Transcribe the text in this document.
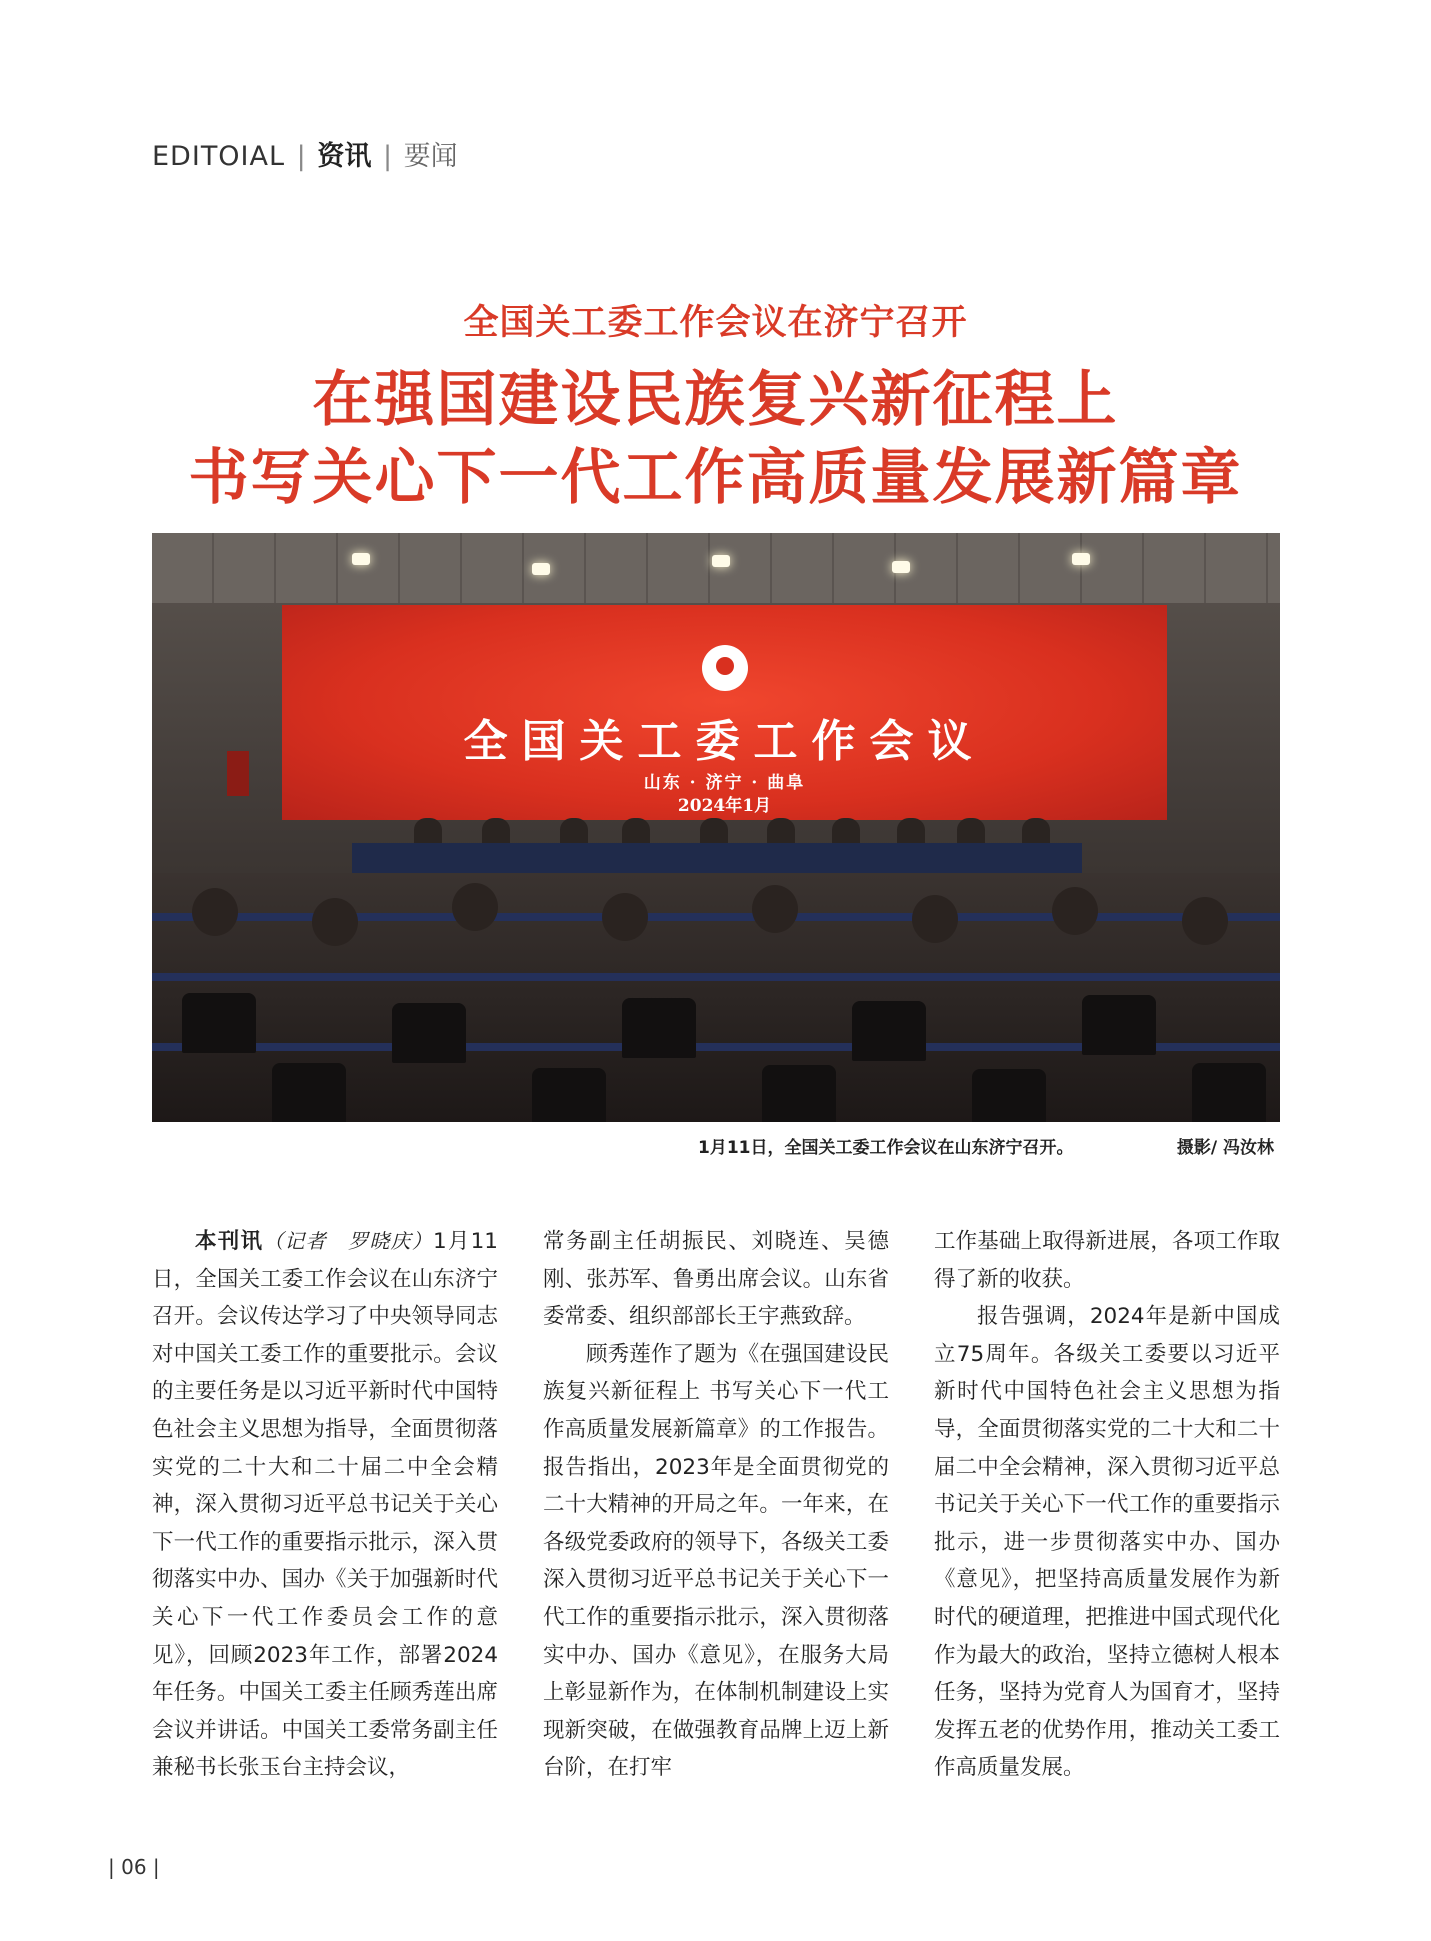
EDITOIAL | 资讯 | 要闻
全国关工委工作会议在济宁召开
在强国建设民族复兴新征程上
书写关心下一代工作高质量发展新篇章
全国关工委工作会议
山东 · 济宁 · 曲阜
2024年1月
1月11日，全国关工委工作会议在山东济宁召开。	摄影/ 冯汝林

本刊讯（记者　罗晓庆）1月11日，全国关工委工作会议在山东济宁召开。会议传达学习了中央领导同志对中国关工委工作的重要批示。会议的主要任务是以习近平新时代中国特色社会主义思想为指导，全面贯彻落实党的二十大和二十届二中全会精神，深入贯彻习近平总书记关于关心下一代工作的重要指示批示，深入贯彻落实中办、国办《关于加强新时代关心下一代工作委员会工作的意见》，回顾2023年工作，部署2024年任务。中国关工委主任顾秀莲出席会议并讲话。中国关工委常务副主任兼秘书长张玉台主持会议，

常务副主任胡振民、刘晓连、吴德刚、张苏军、鲁勇出席会议。山东省委常委、组织部部长王宇燕致辞。

顾秀莲作了题为《在强国建设民族复兴新征程上 书写关心下一代工作高质量发展新篇章》的工作报告。报告指出，2023年是全面贯彻党的二十大精神的开局之年。一年来，在各级党委政府的领导下，各级关工委深入贯彻习近平总书记关于关心下一代工作的重要指示批示，深入贯彻落实中办、国办《意见》，在服务大局上彰显新作为，在体制机制建设上实现新突破，在做强教育品牌上迈上新台阶，在打牢

工作基础上取得新进展，各项工作取得了新的收获。

报告强调，2024年是新中国成立75周年。各级关工委要以习近平新时代中国特色社会主义思想为指导，全面贯彻落实党的二十大和二十届二中全会精神，深入贯彻习近平总书记关于关心下一代工作的重要指示批示，进一步贯彻落实中办、国办《意见》，把坚持高质量发展作为新时代的硬道理，把推进中国式现代化作为最大的政治，坚持立德树人根本任务，坚持为党育人为国育才，坚持发挥五老的优势作用，推动关工委工作高质量发展。

| 06 |
